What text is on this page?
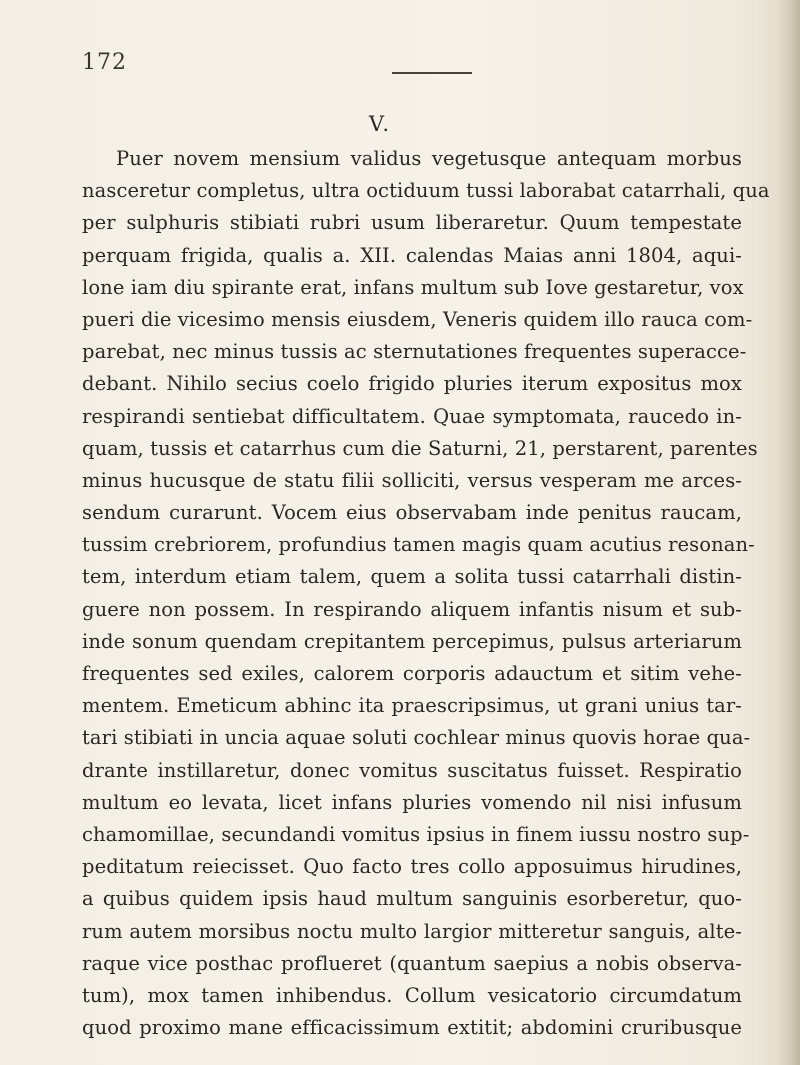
172
V.
Puer novem mensium validus vegetusque antequam morbus
nasceretur completus, ultra octiduum tussi laborabat catarrhali, qua
per sulphuris stibiati rubri usum liberaretur. Quum tempestate
perquam frigida, qualis a. XII. calendas Maias anni 1804, aqui-
lone iam diu spirante erat, infans multum sub Iove gestaretur, vox
pueri die vicesimo mensis eiusdem, Veneris quidem illo rauca com-
parebat, nec minus tussis ac sternutationes frequentes superacce-
debant. Nihilo secius coelo frigido pluries iterum expositus mox
respirandi sentiebat difficultatem. Quae symptomata, raucedo in-
quam, tussis et catarrhus cum die Saturni, 21, perstarent, parentes
minus hucusque de statu filii solliciti, versus vesperam me arces-
sendum curarunt. Vocem eius observabam inde penitus raucam,
tussim crebriorem, profundius tamen magis quam acutius resonan-
tem, interdum etiam talem, quem a solita tussi catarrhali distin-
guere non possem. In respirando aliquem infantis nisum et sub-
inde sonum quendam crepitantem percepimus, pulsus arteriarum
frequentes sed exiles, calorem corporis adauctum et sitim vehe-
mentem. Emeticum abhinc ita praescripsimus, ut grani unius tar-
tari stibiati in uncia aquae soluti cochlear minus quovis horae qua-
drante instillaretur, donec vomitus suscitatus fuisset. Respiratio
multum eo levata, licet infans pluries vomendo nil nisi infusum
chamomillae, secundandi vomitus ipsius in finem iussu nostro sup-
peditatum reiecisset. Quo facto tres collo apposuimus hirudines,
a quibus quidem ipsis haud multum sanguinis esorberetur, quo-
rum autem morsibus noctu multo largior mitteretur sanguis, alte-
raque vice posthac proflueret (quantum saepius a nobis observa-
tum), mox tamen inhibendus. Collum vesicatorio circumdatum
quod proximo mane efficacissimum extitit; abdomini cruribusque
